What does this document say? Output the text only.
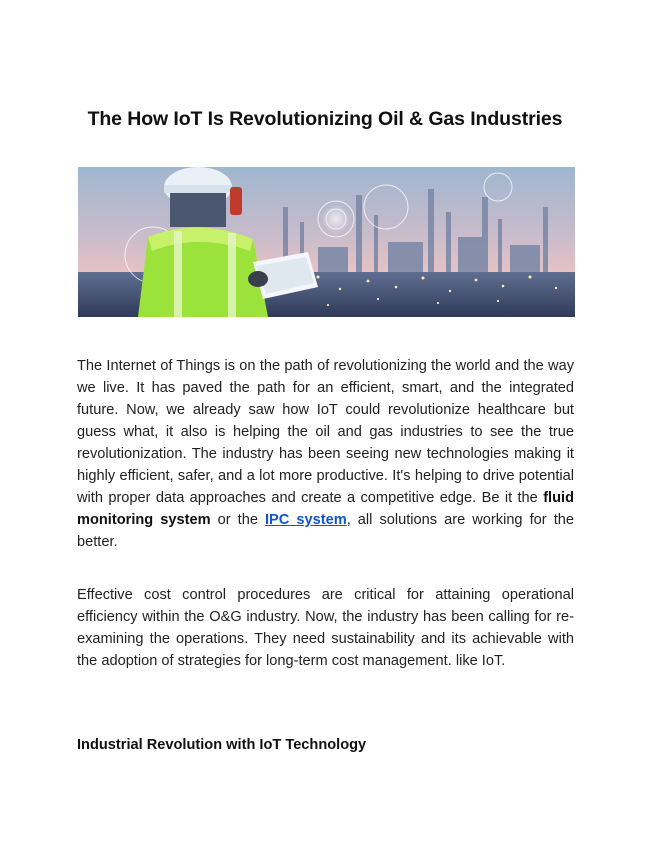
The How IoT Is Revolutionizing Oil & Gas Industries

The Internet of Things is on the path of revolutionizing the world and the way we live. It has paved the path for an efficient, smart, and the integrated future. Now, we already saw how IoT could revolutionize healthcare but guess what, it also is helping the oil and gas industries to see the true revolutionization. The industry has been seeing new technologies making it highly efficient, safer, and a lot more productive. It's helping to drive potential with proper data approaches and create a competitive edge. Be it the fluid monitoring system or the IPC system, all solutions are working for the better.

Effective cost control procedures are critical for attaining operational efficiency within the O&G industry. Now, the industry has been calling for re-examining the operations. They need sustainability and its achievable with the adoption of strategies for long-term cost management. like IoT.

Industrial Revolution with IoT Technology
